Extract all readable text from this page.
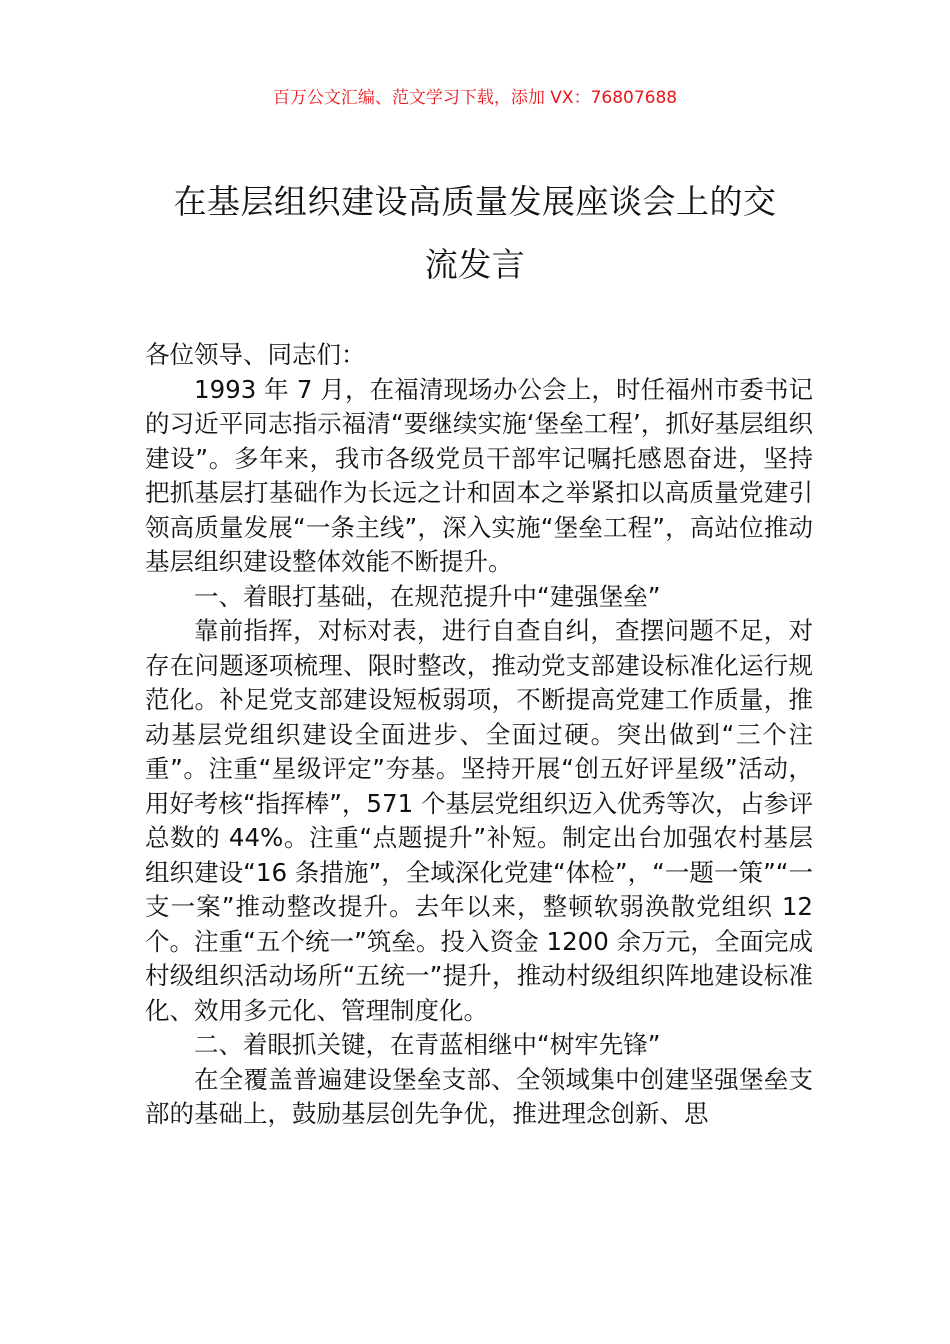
百万公文汇编、范文学习下载，添加 VX：76807688
在基层组织建设高质量发展座谈会上的交
流发言

各位领导、同志们：

1993 年 7 月，在福清现场办公会上，时任福州市委书记的习近平同志指示福清“要继续实施‘堡垒工程’，抓好基层组织建设”。多年来，我市各级党员干部牢记嘱托感恩奋进，坚持把抓基层打基础作为长远之计和固本之举紧扣以高质量党建引领高质量发展“一条主线”，深入实施“堡垒工程”，高站位推动基层组织建设整体效能不断提升。

一、着眼打基础，在规范提升中“建强堡垒”

靠前指挥，对标对表，进行自查自纠，查摆问题不足，对存在问题逐项梳理、限时整改，推动党支部建设标准化运行规范化。补足党支部建设短板弱项，不断提高党建工作质量，推动基层党组织建设全面进步、全面过硬。突出做到“三个注重”。注重“星级评定”夯基。坚持开展“创五好评星级”活动，用好考核“指挥棒”，571 个基层党组织迈入优秀等次，占参评总数的 44%。注重“点题提升”补短。制定出台加强农村基层组织建设“16 条措施”，全域深化党建“体检”，“一题一策”“一支一案”推动整改提升。去年以来，整顿软弱涣散党组织 12 个。注重“五个统一”筑垒。投入资金 1200 余万元，全面完成村级组织活动场所“五统一”提升，推动村级组织阵地建设标准化、效用多元化、管理制度化。

二、着眼抓关键，在青蓝相继中“树牢先锋”

在全覆盖普遍建设堡垒支部、全领域集中创建坚强堡垒支部的基础上，鼓励基层创先争优，推进理念创新、思
